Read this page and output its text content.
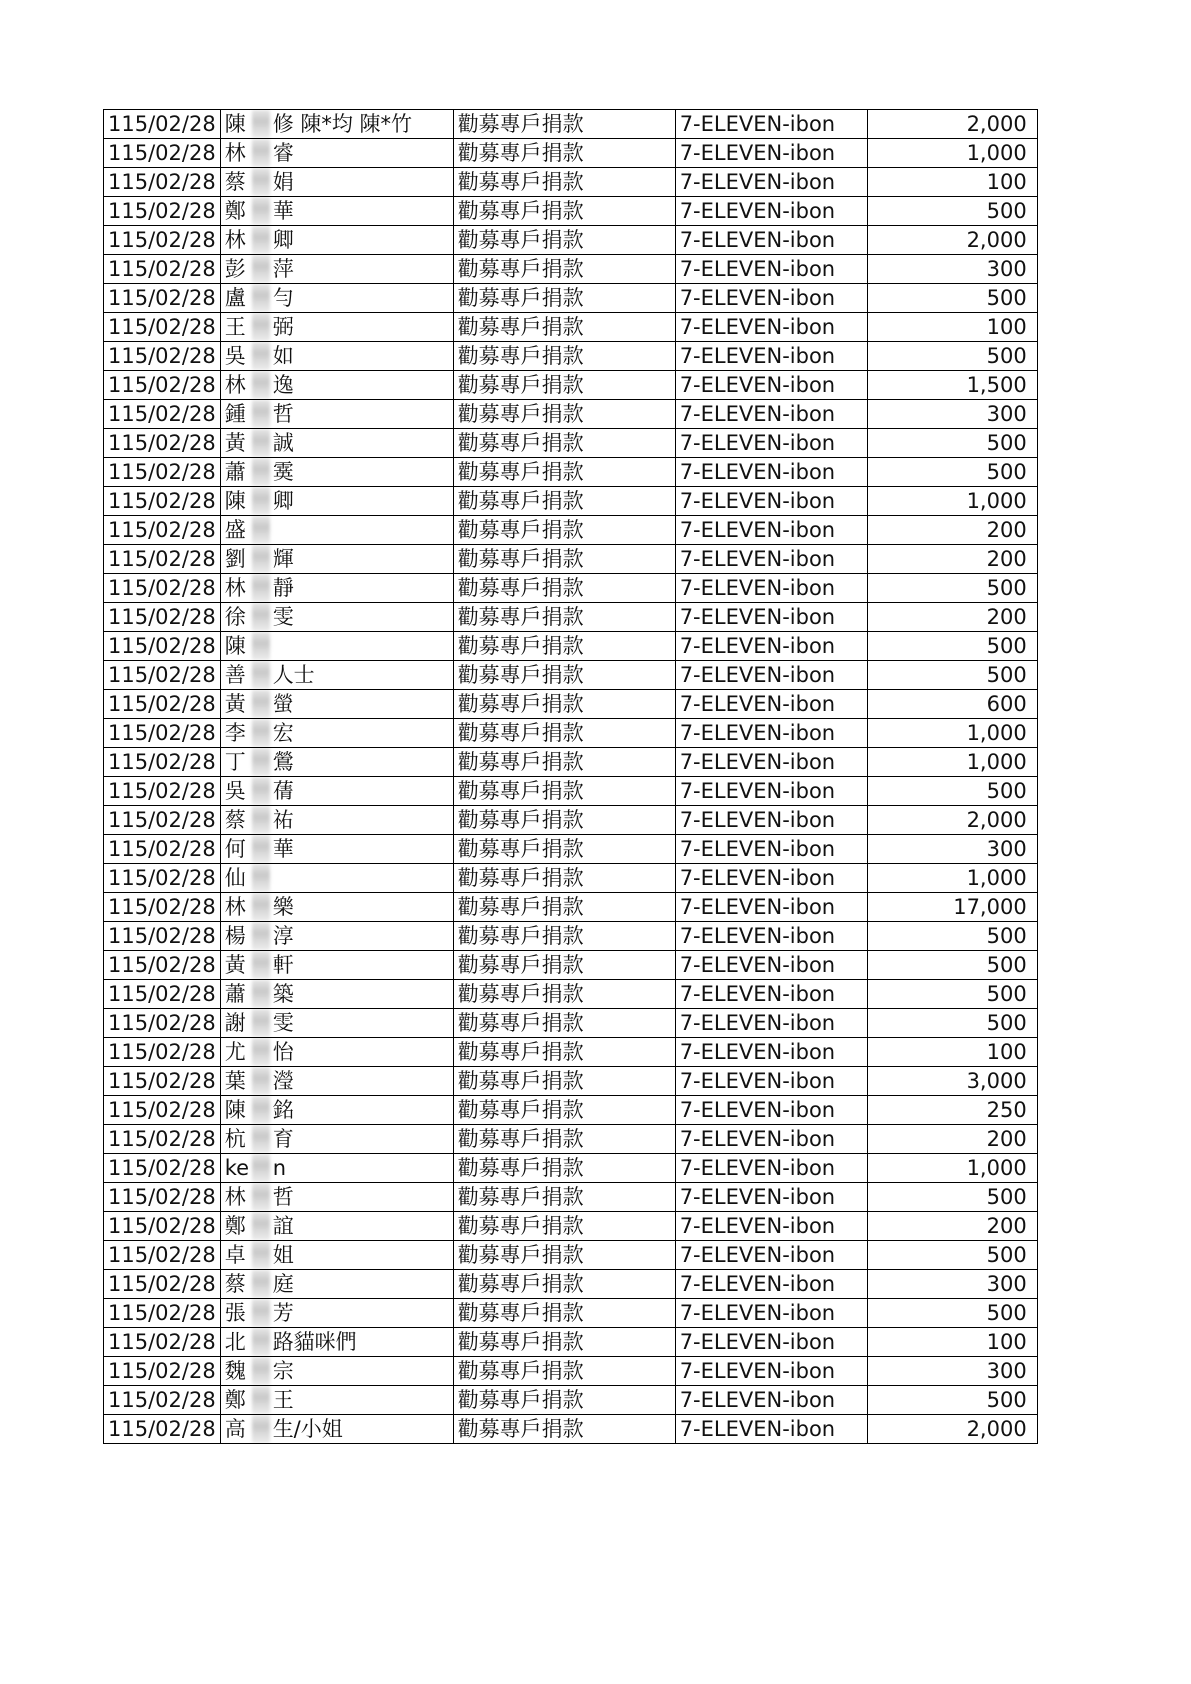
115/02/28	陳 修 陳*均 陳*竹	勸募專戶捐款	7-ELEVEN-ibon	2,000
115/02/28	林 睿	勸募專戶捐款	7-ELEVEN-ibon	1,000
115/02/28	蔡 娟	勸募專戶捐款	7-ELEVEN-ibon	100
115/02/28	鄭 華	勸募專戶捐款	7-ELEVEN-ibon	500
115/02/28	林 卿	勸募專戶捐款	7-ELEVEN-ibon	2,000
115/02/28	彭 萍	勸募專戶捐款	7-ELEVEN-ibon	300
115/02/28	盧 勻	勸募專戶捐款	7-ELEVEN-ibon	500
115/02/28	王 弼	勸募專戶捐款	7-ELEVEN-ibon	100
115/02/28	吳 如	勸募專戶捐款	7-ELEVEN-ibon	500
115/02/28	林 逸	勸募專戶捐款	7-ELEVEN-ibon	1,500
115/02/28	鍾 哲	勸募專戶捐款	7-ELEVEN-ibon	300
115/02/28	黃 誠	勸募專戶捐款	7-ELEVEN-ibon	500
115/02/28	蕭 霙	勸募專戶捐款	7-ELEVEN-ibon	500
115/02/28	陳 卿	勸募專戶捐款	7-ELEVEN-ibon	1,000
115/02/28	盛	勸募專戶捐款	7-ELEVEN-ibon	200
115/02/28	劉 輝	勸募專戶捐款	7-ELEVEN-ibon	200
115/02/28	林 靜	勸募專戶捐款	7-ELEVEN-ibon	500
115/02/28	徐 雯	勸募專戶捐款	7-ELEVEN-ibon	200
115/02/28	陳	勸募專戶捐款	7-ELEVEN-ibon	500
115/02/28	善 人士	勸募專戶捐款	7-ELEVEN-ibon	500
115/02/28	黃 螢	勸募專戶捐款	7-ELEVEN-ibon	600
115/02/28	李 宏	勸募專戶捐款	7-ELEVEN-ibon	1,000
115/02/28	丁 鶯	勸募專戶捐款	7-ELEVEN-ibon	1,000
115/02/28	吳 蒨	勸募專戶捐款	7-ELEVEN-ibon	500
115/02/28	蔡 祐	勸募專戶捐款	7-ELEVEN-ibon	2,000
115/02/28	何 華	勸募專戶捐款	7-ELEVEN-ibon	300
115/02/28	仙	勸募專戶捐款	7-ELEVEN-ibon	1,000
115/02/28	林 樂	勸募專戶捐款	7-ELEVEN-ibon	17,000
115/02/28	楊 淳	勸募專戶捐款	7-ELEVEN-ibon	500
115/02/28	黃 軒	勸募專戶捐款	7-ELEVEN-ibon	500
115/02/28	蕭 築	勸募專戶捐款	7-ELEVEN-ibon	500
115/02/28	謝 雯	勸募專戶捐款	7-ELEVEN-ibon	500
115/02/28	尤 怡	勸募專戶捐款	7-ELEVEN-ibon	100
115/02/28	葉 瀅	勸募專戶捐款	7-ELEVEN-ibon	3,000
115/02/28	陳 銘	勸募專戶捐款	7-ELEVEN-ibon	250
115/02/28	杭 育	勸募專戶捐款	7-ELEVEN-ibon	200
115/02/28	ke n	勸募專戶捐款	7-ELEVEN-ibon	1,000
115/02/28	林 哲	勸募專戶捐款	7-ELEVEN-ibon	500
115/02/28	鄭 誼	勸募專戶捐款	7-ELEVEN-ibon	200
115/02/28	卓 姐	勸募專戶捐款	7-ELEVEN-ibon	500
115/02/28	蔡 庭	勸募專戶捐款	7-ELEVEN-ibon	300
115/02/28	張 芳	勸募專戶捐款	7-ELEVEN-ibon	500
115/02/28	北 路貓咪們	勸募專戶捐款	7-ELEVEN-ibon	100
115/02/28	魏 宗	勸募專戶捐款	7-ELEVEN-ibon	300
115/02/28	鄭 王	勸募專戶捐款	7-ELEVEN-ibon	500
115/02/28	高 生/小姐	勸募專戶捐款	7-ELEVEN-ibon	2,000
